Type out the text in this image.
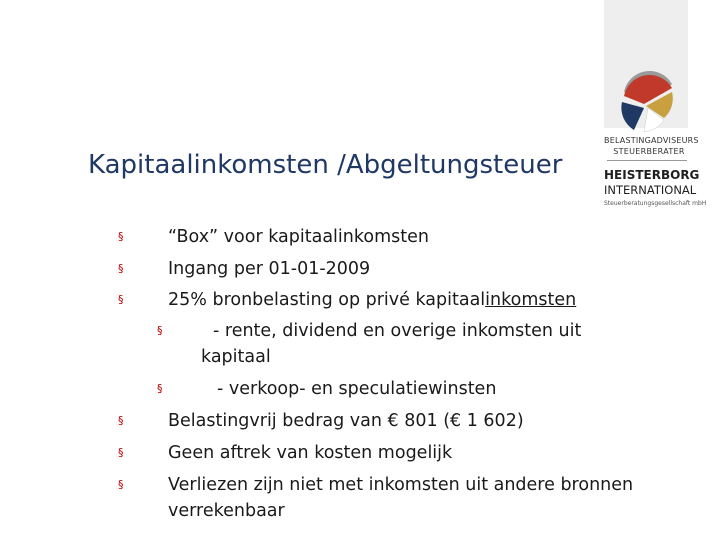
Kapitaalinkomsten /Abgeltungsteuer
§	“Box” voor kapitaalinkomsten
§	Ingang per 01-01-2009
§	25% bronbelasting op privé kapitaalinkomsten
§	- rente, dividend en overige inkomsten uit
kapitaal
§	- verkoop- en speculatiewinsten
§	Belastingvrij bedrag van € 801 (€ 1 602)
§	Geen aftrek van kosten mogelijk
§	Verliezen zijn niet met inkomsten uit andere bronnen
verrekenbaar
BELASTINGADVISEURS
STEUERBERATER
HEISTERBORG
INTERNATIONAL
Steuerberatungsgesellschaft mbH
